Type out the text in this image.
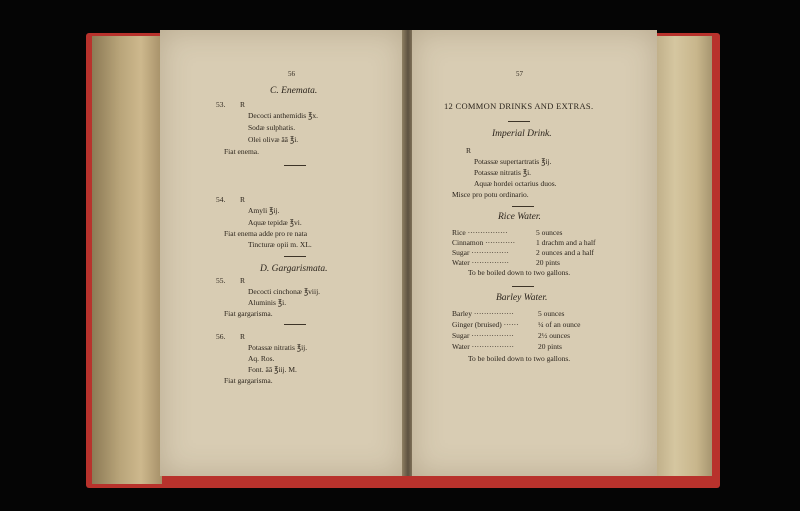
56
C. Enemata.
53. R
Decocti anthemidis ℥x.
Sodæ sulphatis.
Olei olivæ āā ℥i.
Fiat enema.
54. R
Amyli ℥ij.
Aquæ tepidæ ℥vi.
Fiat enema adde pro re nata
Tincturæ opii m. XL.
D. Gargarismata.
55. R
Decocti cinchonæ ℥viij.
Aluminis ℥i.
Fiat gargarisma.
56. R
Potassæ nitratis ℥ij.
Aq. Ros.
Font. āā ℥iij. M.
Fiat gargarisma.
57
12 COMMON DRINKS AND EXTRAS.
Imperial Drink.
R
Potassæ supertartratis ℥ij.
Potassæ nitratis ℥i.
Aquæ hordei octarius duos.
Misce pro potu ordinario.
Rice Water.
Rice ················	5 ounces
Cinnamon ············	1 drachm and a half
Sugar ···············	2 ounces and a half
Water ···············	20 pints
To be boiled down to two gallons.
Barley Water.
Barley ················	5 ounces
Ginger (bruised) ······	¼ of an ounce
Sugar ·················	2½ ounces
Water ·················	20 pints
To be boiled down to two gallons.
